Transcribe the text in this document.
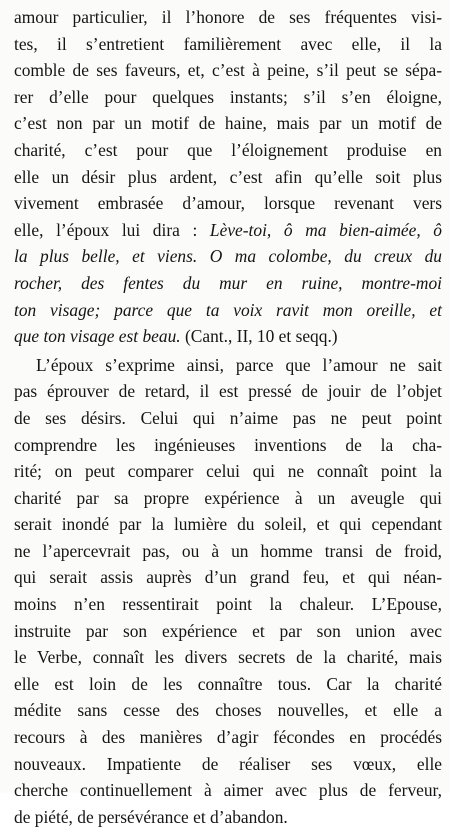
amour particulier, il l’honore de ses fréquentes visi-
tes, il s’entretient familièrement avec elle, il la
comble de ses faveurs, et, c’est à peine, s’il peut se sépa-
rer d’elle pour quelques instants; s’il s’en éloigne,
c’est non par un motif de haine, mais par un motif de
charité, c’est pour que l’éloignement produise en
elle un désir plus ardent, c’est afin qu’elle soit plus
vivement embrasée d’amour, lorsque revenant vers
elle, l’époux lui dira : Lève-toi, ô ma bien-aimée, ô
la plus belle, et viens. O ma colombe, du creux du
rocher, des fentes du mur en ruine, montre-moi
ton visage; parce que ta voix ravit mon oreille, et
que ton visage est beau. (Cant., II, 10 et seqq.)
L’époux s’exprime ainsi, parce que l’amour ne sait
pas éprouver de retard, il est pressé de jouir de l’objet
de ses désirs. Celui qui n’aime pas ne peut point
comprendre les ingénieuses inventions de la cha-
rité; on peut comparer celui qui ne connaît point la
charité par sa propre expérience à un aveugle qui
serait inondé par la lumière du soleil, et qui cependant
ne l’apercevrait pas, ou à un homme transi de froid,
qui serait assis auprès d’un grand feu, et qui néan-
moins n’en ressentirait point la chaleur. L’Epouse,
instruite par son expérience et par son union avec
le Verbe, connaît les divers secrets de la charité, mais
elle est loin de les connaître tous. Car la charité
médite sans cesse des choses nouvelles, et elle a
recours à des manières d’agir fécondes en procédés
nouveaux. Impatiente de réaliser ses vœux, elle
cherche continuellement à aimer avec plus de ferveur,
de piété, de persévérance et d’abandon.
